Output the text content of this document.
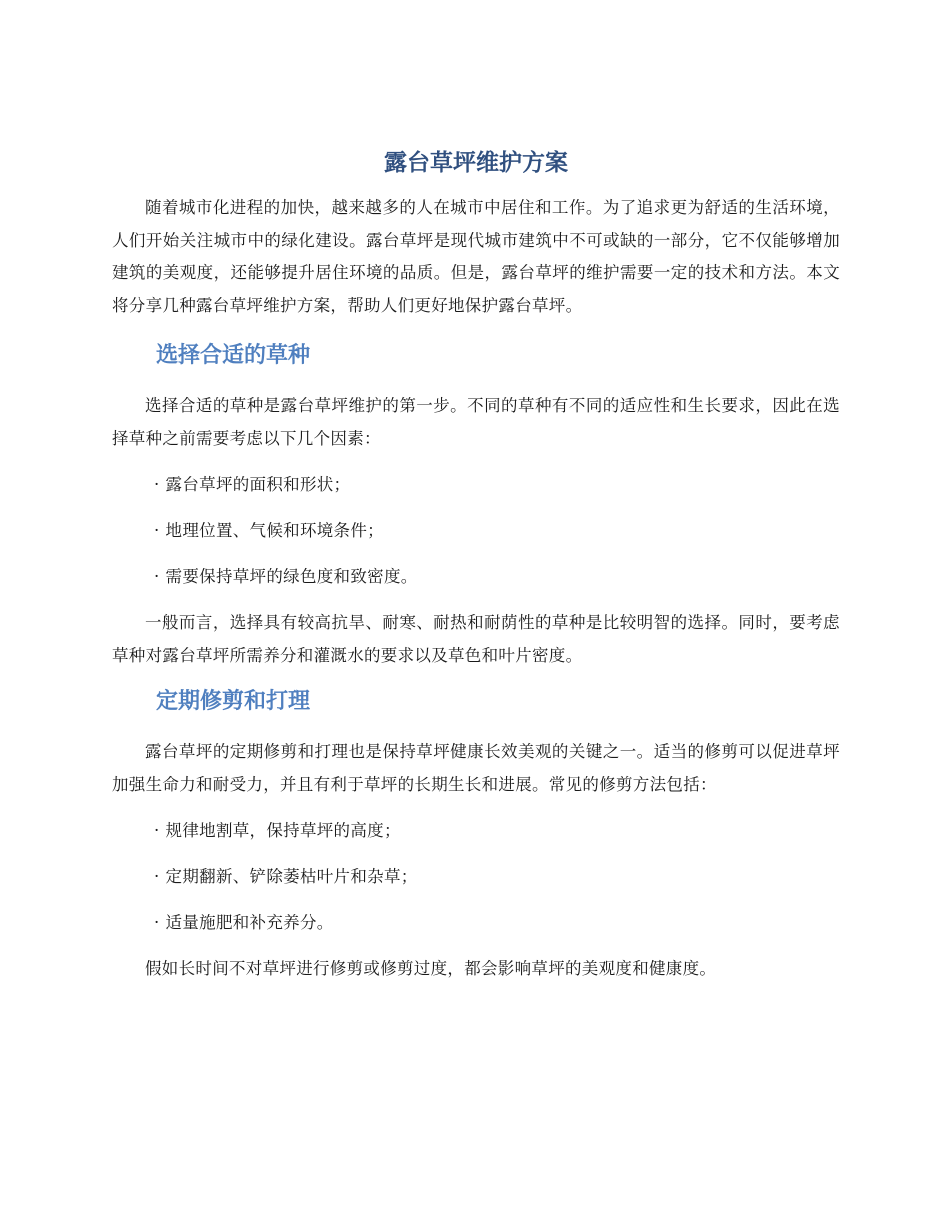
露台草坪维护方案

随着城市化进程的加快，越来越多的人在城市中居住和工作。为了追求更为舒适的生活环境，人们开始关注城市中的绿化建设。露台草坪是现代城市建筑中不可或缺的一部分，它不仅能够增加建筑的美观度，还能够提升居住环境的品质。但是，露台草坪的维护需要一定的技术和方法。本文将分享几种露台草坪维护方案，帮助人们更好地保护露台草坪。

选择合适的草种

选择合适的草种是露台草坪维护的第一步。不同的草种有不同的适应性和生长要求，因此在选择草种之前需要考虑以下几个因素：

· 露台草坪的面积和形状；
· 地理位置、气候和环境条件；
· 需要保持草坪的绿色度和致密度。

一般而言，选择具有较高抗旱、耐寒、耐热和耐荫性的草种是比较明智的选择。同时，要考虑草种对露台草坪所需养分和灌溉水的要求以及草色和叶片密度。

定期修剪和打理

露台草坪的定期修剪和打理也是保持草坪健康长效美观的关键之一。适当的修剪可以促进草坪加强生命力和耐受力，并且有利于草坪的长期生长和进展。常见的修剪方法包括：

· 规律地割草，保持草坪的高度；
· 定期翻新、铲除萎枯叶片和杂草；
· 适量施肥和补充养分。

假如长时间不对草坪进行修剪或修剪过度，都会影响草坪的美观度和健康度。
